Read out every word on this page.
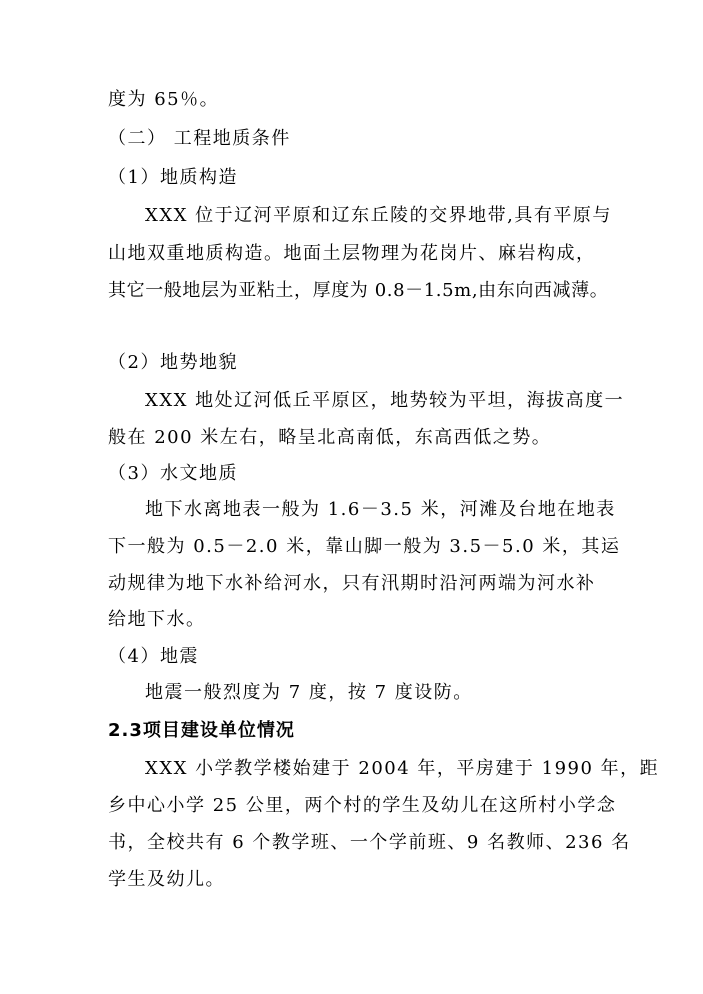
度为 65％。
（二） 工程地质条件
（1）地质构造
XXX 位于辽河平原和辽东丘陵的交界地带,具有平原与
山地双重地质构造。地面土层物理为花岗片、麻岩构成，
其它一般地层为亚粘土，厚度为 0.8－1.5m,由东向西减薄。
（2）地势地貌
XXX 地处辽河低丘平原区，地势较为平坦，海拔高度一
般在 200 米左右，略呈北高南低，东高西低之势。
（3）水文地质
地下水离地表一般为 1.6－3.5 米，河滩及台地在地表
下一般为 0.5－2.0 米，靠山脚一般为 3.5－5.0 米，其运
动规律为地下水补给河水，只有汛期时沿河两端为河水补
给地下水。
（4）地震
地震一般烈度为 7 度，按 7 度设防。
2.3项目建设单位情况
XXX 小学教学楼始建于 2004 年，平房建于 1990 年，距
乡中心小学 25 公里，两个村的学生及幼儿在这所村小学念
书，全校共有 6 个教学班、一个学前班、9 名教师、236 名
学生及幼儿。
